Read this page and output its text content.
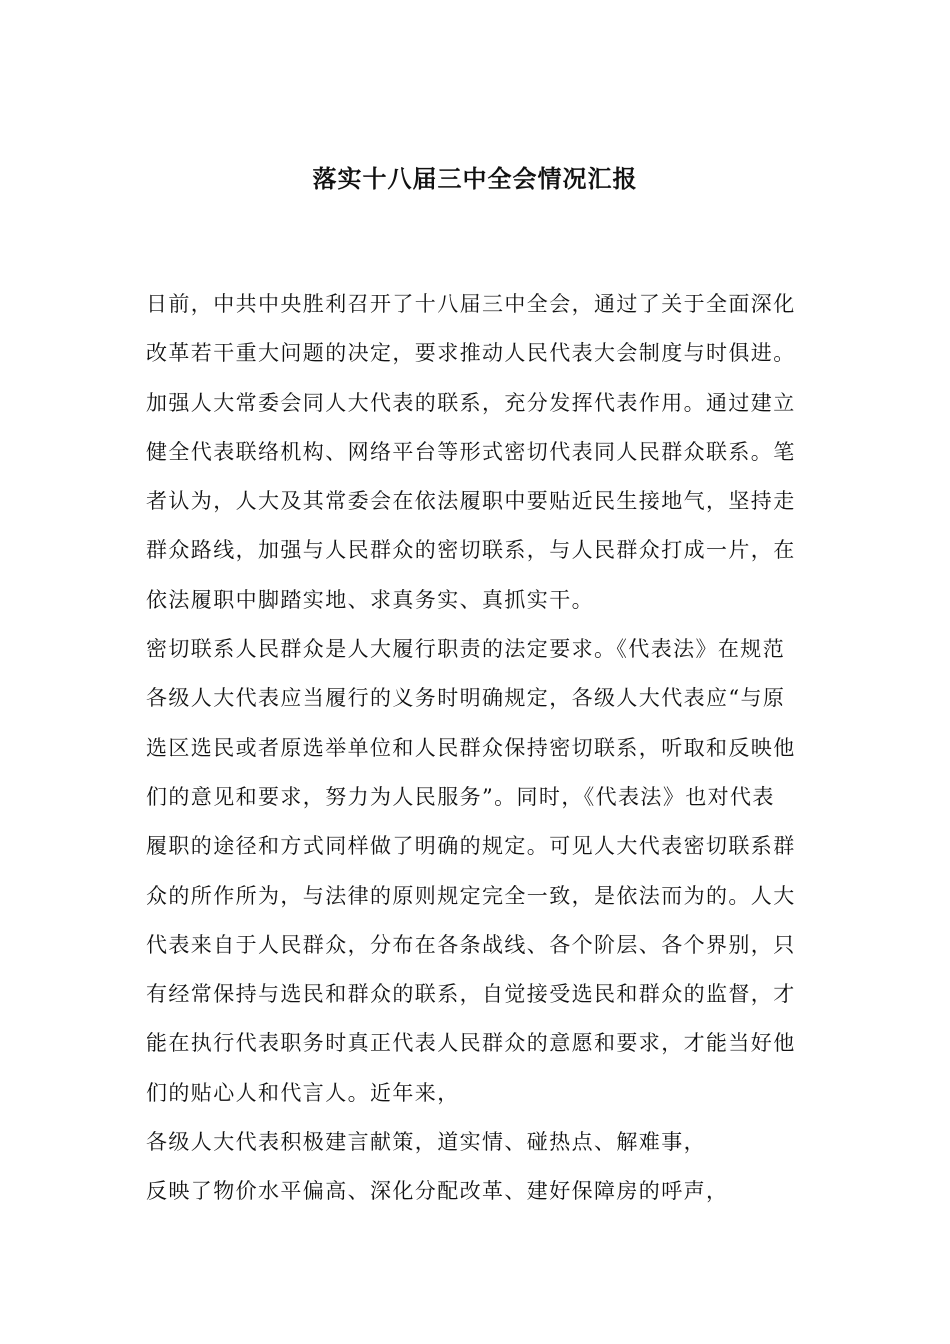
落实十八届三中全会情况汇报
日前，中共中央胜利召开了十八届三中全会，通过了关于全面深化
改革若干重大问题的决定，要求推动人民代表大会制度与时俱进。
加强人大常委会同人大代表的联系，充分发挥代表作用。通过建立
健全代表联络机构、网络平台等形式密切代表同人民群众联系。笔
者认为，人大及其常委会在依法履职中要贴近民生接地气，坚持走
群众路线，加强与人民群众的密切联系，与人民群众打成一片，在
依法履职中脚踏实地、求真务实、真抓实干。
密切联系人民群众是人大履行职责的法定要求。《代表法》在规范
各级人大代表应当履行的义务时明确规定，各级人大代表应“与原
选区选民或者原选举单位和人民群众保持密切联系，听取和反映他
们的意见和要求，努力为人民服务”。同时，《代表法》也对代表
履职的途径和方式同样做了明确的规定。可见人大代表密切联系群
众的所作所为，与法律的原则规定完全一致，是依法而为的。人大
代表来自于人民群众，分布在各条战线、各个阶层、各个界别，只
有经常保持与选民和群众的联系，自觉接受选民和群众的监督，才
能在执行代表职务时真正代表人民群众的意愿和要求，才能当好他
们的贴心人和代言人。近年来，
各级人大代表积极建言献策，道实情、碰热点、解难事，
反映了物价水平偏高、深化分配改革、建好保障房的呼声，
